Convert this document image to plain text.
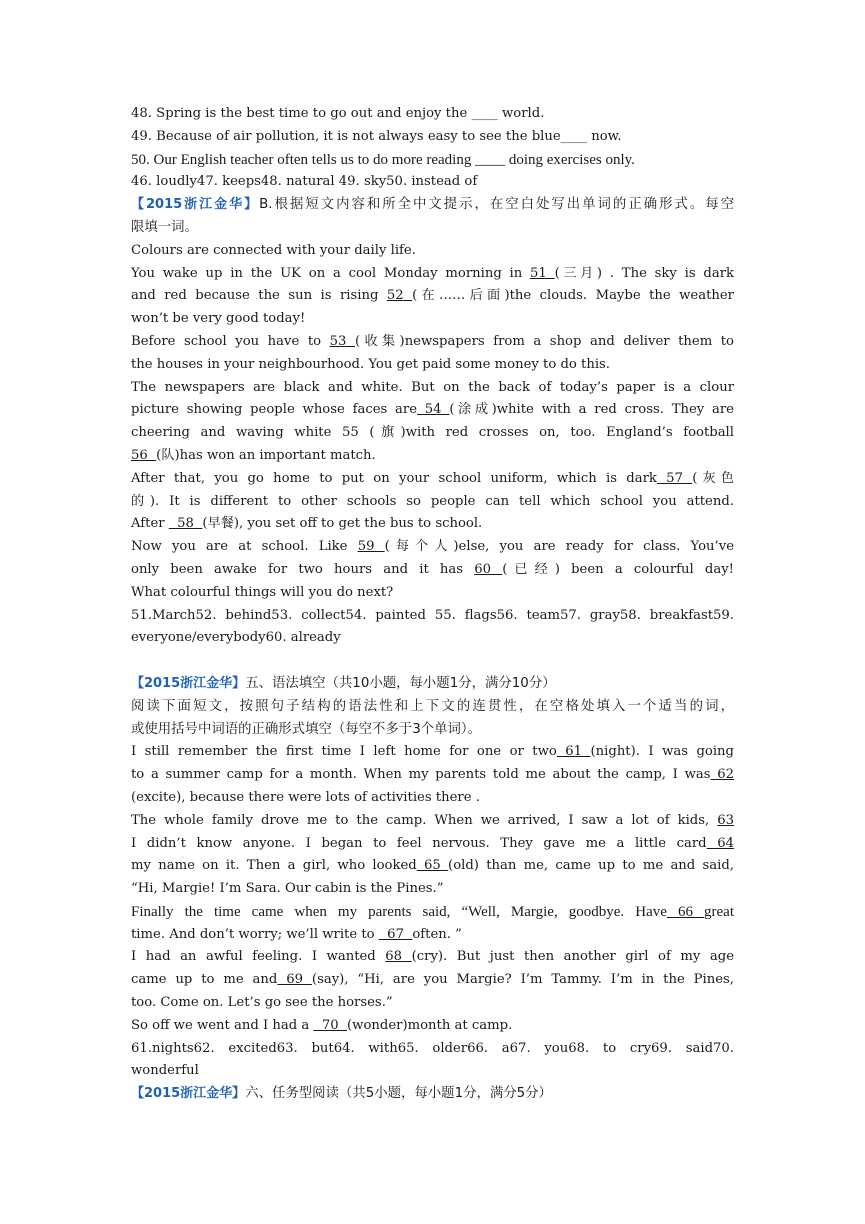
48. Spring is the best time to go out and enjoy the ____ world.
49. Because of air pollution, it is not always easy to see the blue____ now.
50. Our English teacher often tells us to do more reading ____ doing exercises only.
46. loudly47. keeps48. natural 49. sky50. instead of
【2015浙江金华】B.根据短文内容和所全中文提示，在空白处写出单词的正确形式。每空
限填一词。
Colours are connected with your daily life.
You wake up in the UK on a cool Monday morning in 51 (三月) . The sky is dark
and red because the sun is rising 52 (在……后面)the clouds. Maybe the weather
won’t be very good today!
Before school you have to 53 (收集)newspapers from a shop and deliver them to
the houses in your neighbourhood. You get paid some money to do this.
The newspapers are black and white. But on the back of today’s paper is a clour
picture showing people whose faces are 54 (涂成)white with a red cross. They are
cheering and waving white 55 (旗)with red crosses on, too. England’s football
56  (队)has won an important match.
After that, you go home to put on your school uniform, which is dark 57 (灰色
的). It is different to other schools so people can tell which school you attend.
After   58  (早餐), you set off to get the bus to school.
Now you are at school. Like 59 (每个人)else, you are ready for class. You’ve
only been awake for two hours and it has 60 (已经) been a colourful day!
What colourful things will you do next?
51.March52. behind53. collect54. painted 55. flags56. team57. gray58. breakfast59.
everyone/everybody60. already
【2015浙江金华】五、语法填空（共10小题，每小题1分，满分10分）
阅读下面短文，按照句子结构的语法性和上下文的连贯性，在空格处填入一个适当的词，
或使用括号中词语的正确形式填空（每空不多于3个单词）。
I still remember the first time I left home for one or two 61 (night). I was going
to a summer camp for a month. When my parents told me about the camp, I was 62
(excite), because there were lots of activities there .
The whole family drove me to the camp. When we arrived, I saw a lot of kids, 63
I didn’t know anyone. I began to feel nervous. They gave me a little card 64
my name on it. Then a girl, who looked 65 (old) than me, came up to me and said,
“Hi, Margie! I’m Sara. Our cabin is the Pines.”
Finally the time came when my parents said, “Well, Margie, goodbye. Have 66 great
time. And don’t worry; we’ll write to   67  often. ”
I had an awful feeling. I wanted 68 (cry). But just then another girl of my age
came up to me and 69 (say), “Hi, are you Margie? I’m Tammy. I’m in the Pines,
too. Come on. Let’s go see the horses.”
So off we went and I had a   70  (wonder)month at camp.
61.nights62. excited63. but64. with65. older66. a67. you68. to cry69. said70.
wonderful
【2015浙江金华】六、任务型阅读（共5小题，每小题1分，满分5分）
